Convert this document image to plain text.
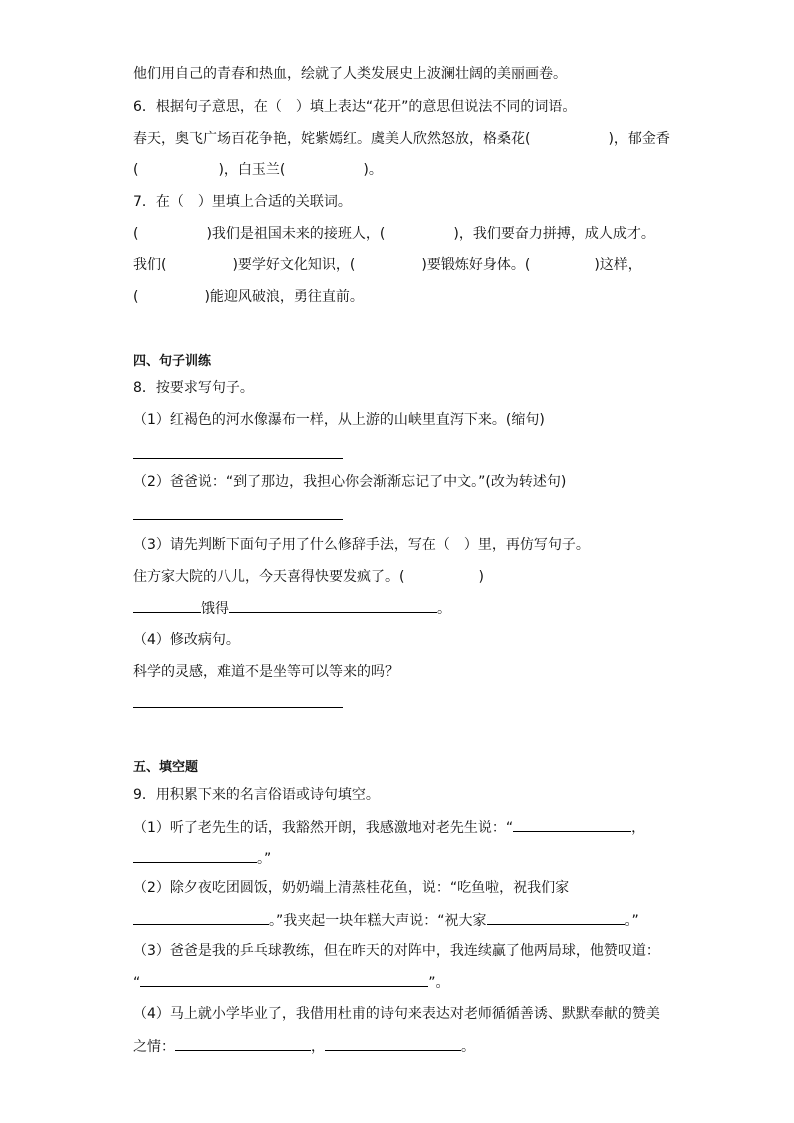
他们用自己的青春和热血，绘就了人类发展史上波澜壮阔的美丽画卷。
6．根据句子意思，在（　）填上表达“花开”的意思但说法不同的词语。
春天，奥飞广场百花争艳，姹紫嫣红。虞美人欣然怒放，格桑花(	)，郁金香
(	)，白玉兰(	)。
7．在（　）里填上合适的关联词。
(	)我们是祖国未来的接班人，(	)，我们要奋力拼搏，成人成才。
我们(	)要学好文化知识，(	)要锻炼好身体。(	)这样，
(	)能迎风破浪，勇往直前。
四、句子训练
8．按要求写句子。
（1）红褐色的河水像瀑布一样，从上游的山峡里直泻下来。(缩句)
（2）爸爸说：“到了那边，我担心你会渐渐忘记了中文。”(改为转述句)
（3）请先判断下面句子用了什么修辞手法，写在（　）里，再仿写句子。
住方家大院的八儿，今天喜得快要发疯了。(	)
饿得	。
（4）修改病句。
科学的灵感，难道不是坐等可以等来的吗？
五、填空题
9．用积累下来的名言俗语或诗句填空。
（1）听了老先生的话，我豁然开朗，我感激地对老先生说：“	，
。”
（2）除夕夜吃团圆饭，奶奶端上清蒸桂花鱼，说：“吃鱼啦，祝我们家
。”我夹起一块年糕大声说：“祝大家	。”
（3）爸爸是我的乒乓球教练，但在昨天的对阵中，我连续赢了他两局球，他赞叹道：
“	”。
（4）马上就小学毕业了，我借用杜甫的诗句来表达对老师循循善诱、默默奉献的赞美
之情：	，	。
